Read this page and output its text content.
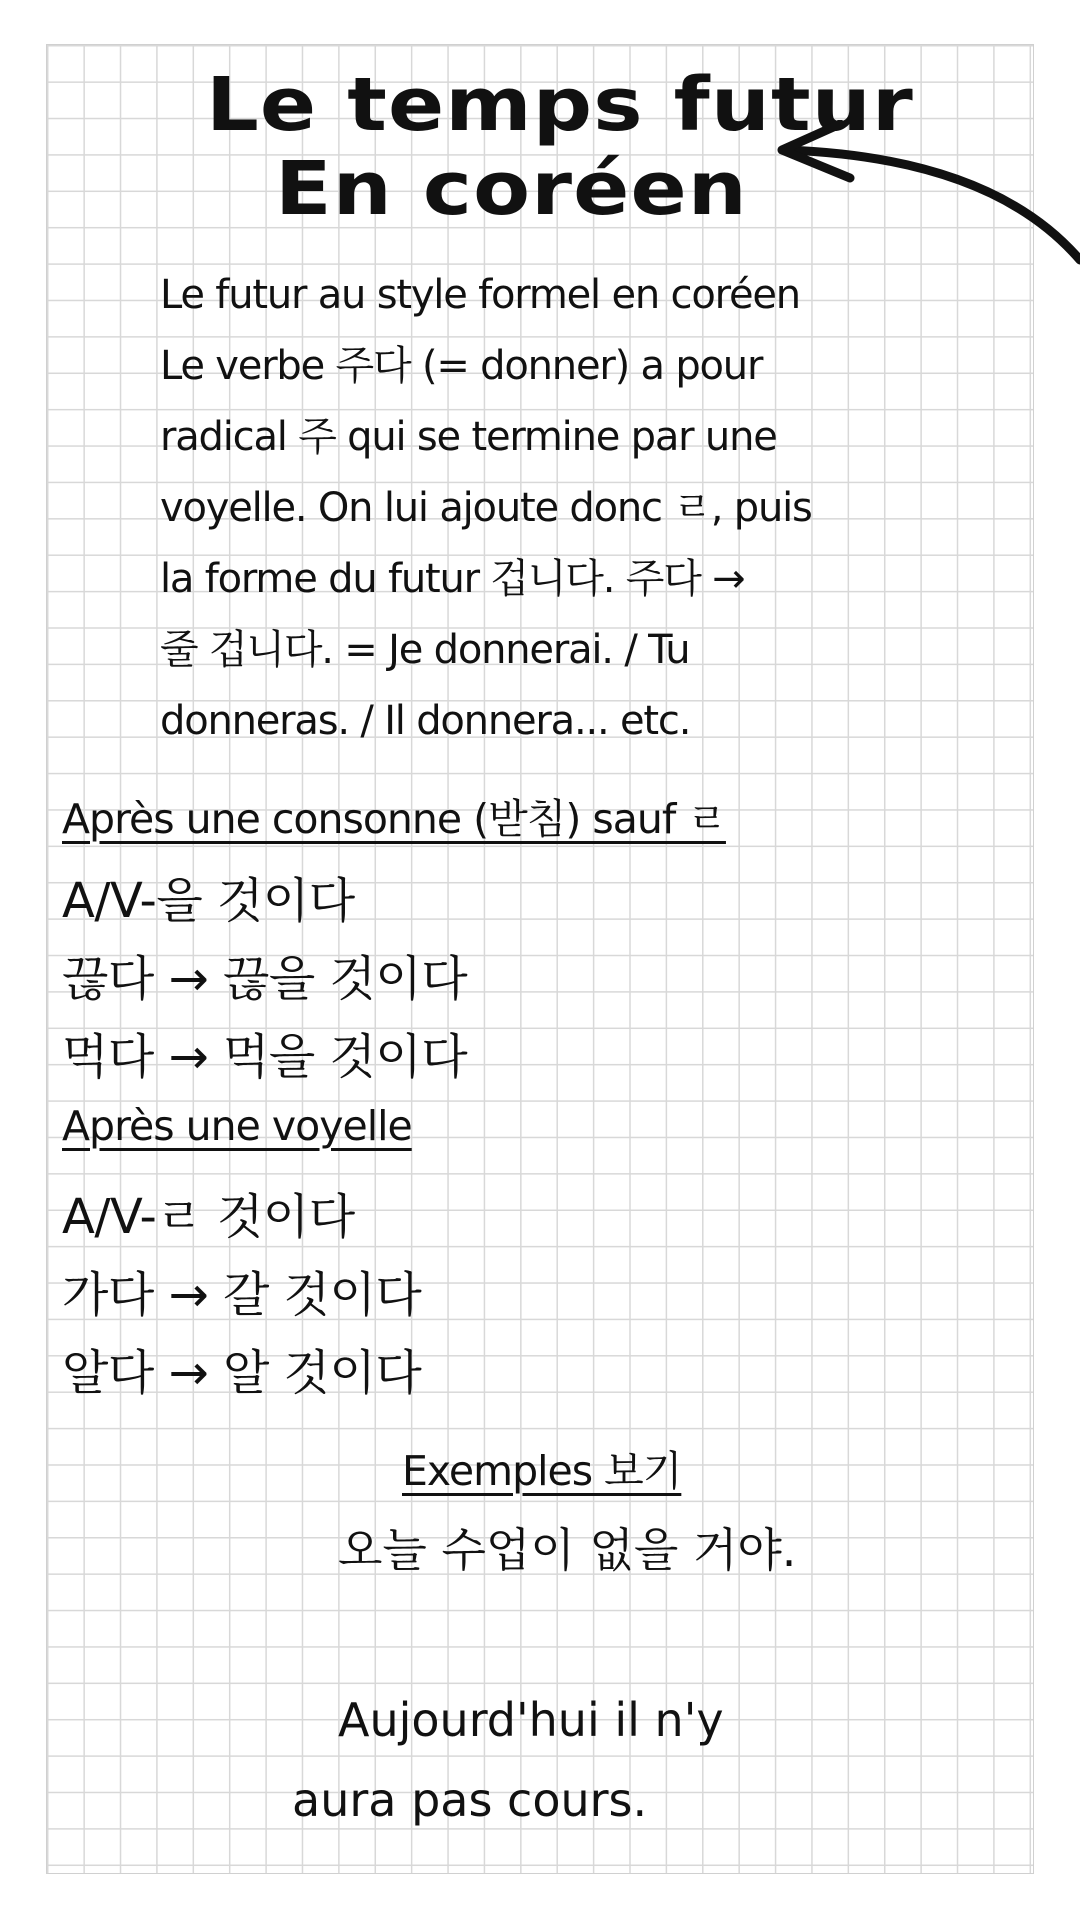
Le temps futur
En coréen
Le futur au style formel en coréen
Le verbe 주다 (= donner) a pour
radical 주 qui se termine par une
voyelle. On lui ajoute donc ㄹ, puis
la forme du futur 겁니다. 주다 →
줄 겁니다. = Je donnerai. / Tu
donneras. / Il donnera... etc.
Après une consonne (받침) sauf ㄹ
A/V-을 것이다
끊다 → 끊을 것이다
먹다 → 먹을 것이다
Après une voyelle
A/V-ㄹ 것이다
가다 → 갈 것이다
알다 → 알 것이다
Exemples 보기
오늘 수업이 없을 거야.
Aujourd'hui il n'y aura pas cours.
